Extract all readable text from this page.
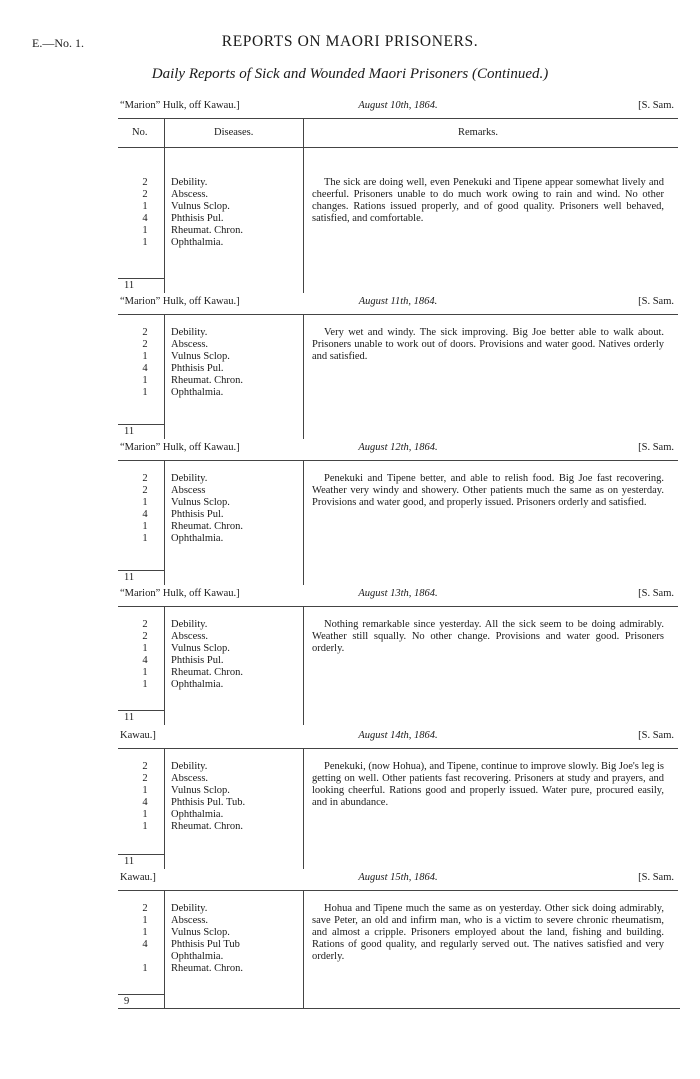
E.—No. 1.	REPORTS ON MAORI PRISONERS.
Daily Reports of Sick and Wounded Maori Prisoners (Continued.)
“Marion” Hulk, off Kawau.]	August 10th, 1864.	[S. Sam.
No.	Diseases.	Remarks.
2	Debility.
2	Abscess.
1	Vulnus Sclop.
4	Phthisis Pul.
1	Rheumat. Chron.
1	Ophthalmia.
The sick are doing well, even Penekuki and Tipene appear somewhat lively and cheerful. Prisoners unable to do much work owing to rain and wind. No other changes. Rations issued properly, and of good quality. Prisoners well behaved, satisfied, and comfortable.
11
“Marion” Hulk, off Kawau.]	August 11th, 1864.	[S. Sam.
2	Debility.
2	Abscess.
1	Vulnus Sclop.
4	Phthisis Pul.
1	Rheumat. Chron.
1	Ophthalmia.
Very wet and windy. The sick improving. Big Joe better able to walk about. Prisoners unable to work out of doors. Provisions and water good. Natives orderly and satisfied.
11
“Marion” Hulk, off Kawau.]	August 12th, 1864.	[S. Sam.
2	Debility.
2	Abscess
1	Vulnus Sclop.
4	Phthisis Pul.
1	Rheumat. Chron.
1	Ophthalmia.
Penekuki and Tipene better, and able to relish food. Big Joe fast recovering. Weather very windy and showery. Other patients much the same as on yesterday. Provisions and water good, and properly issued. Prisoners orderly and satisfied.
11
“Marion” Hulk, off Kawau.]	August 13th, 1864.	[S. Sam.
2	Debility.
2	Abscess.
1	Vulnus Sclop.
4	Phthisis Pul.
1	Rheumat. Chron.
1	Ophthalmia.
Nothing remarkable since yesterday. All the sick seem to be doing admirably. Weather still squally. No other change. Provisions and water good. Prisoners orderly.
11
Kawau.]	August 14th, 1864.	[S. Sam.
2	Debility.
2	Abscess.
1	Vulnus Sclop.
4	Phthisis Pul. Tub.
1	Ophthalmia.
1	Rheumat. Chron.
Penekuki, (now Hohua), and Tipene, continue to improve slowly. Big Joe's leg is getting on well. Other patients fast recovering. Prisoners at study and prayers, and looking cheerful. Rations good and properly issued. Water pure, procured easily, and in abundance.
11
Kawau.]	August 15th, 1864.	[S. Sam.
2	Debility.
1	Abscess.
1	Vulnus Sclop.
4	Phthisis Pul Tub
Ophthalmia.
1	Rheumat. Chron.
Hohua and Tipene much the same as on yesterday. Other sick doing admirably, save Peter, an old and infirm man, who is a victim to severe chronic rheumatism, and almost a cripple. Prisoners employed about the land, fishing and building. Rations of good quality, and regularly served out. The natives satisfied and very orderly.
9
